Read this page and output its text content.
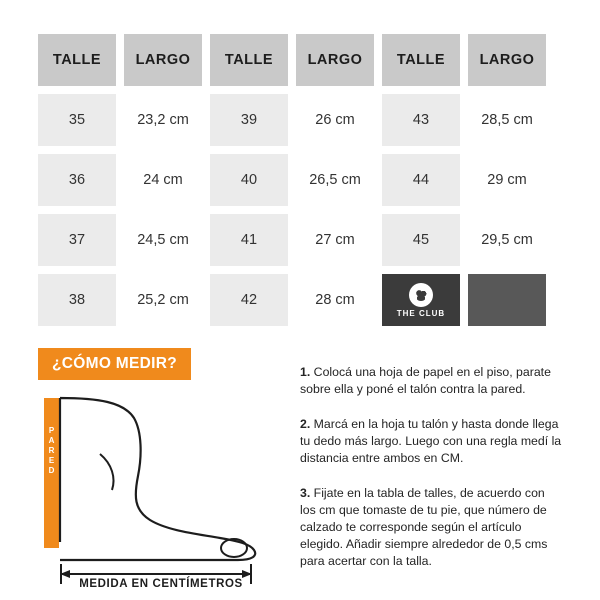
TALLE	LARGO	TALLE	LARGO	TALLE	LARGO
35	23,2 cm	39	26 cm	43	28,5 cm
36	24 cm	40	26,5 cm	44	29 cm
37	24,5 cm	41	27 cm	45	29,5 cm
38	25,2 cm	42	28 cm	THE CLUB	

¿CÓMO MEDIR?
PARED
MEDIDA EN CENTÍMETROS

1. Colocá una hoja de papel en el piso, parate sobre ella y poné el talón contra la pared.

2. Marcá en la hoja tu talón y hasta donde llega tu dedo más largo. Luego con una regla medí la distancia entre ambos en CM.

3. Fijate en la tabla de talles, de acuerdo con los cm que tomaste de tu pie, que número de calzado te corresponde según el artículo elegido. Añadir siempre alrededor de 0,5 cms para acertar con la talla.
